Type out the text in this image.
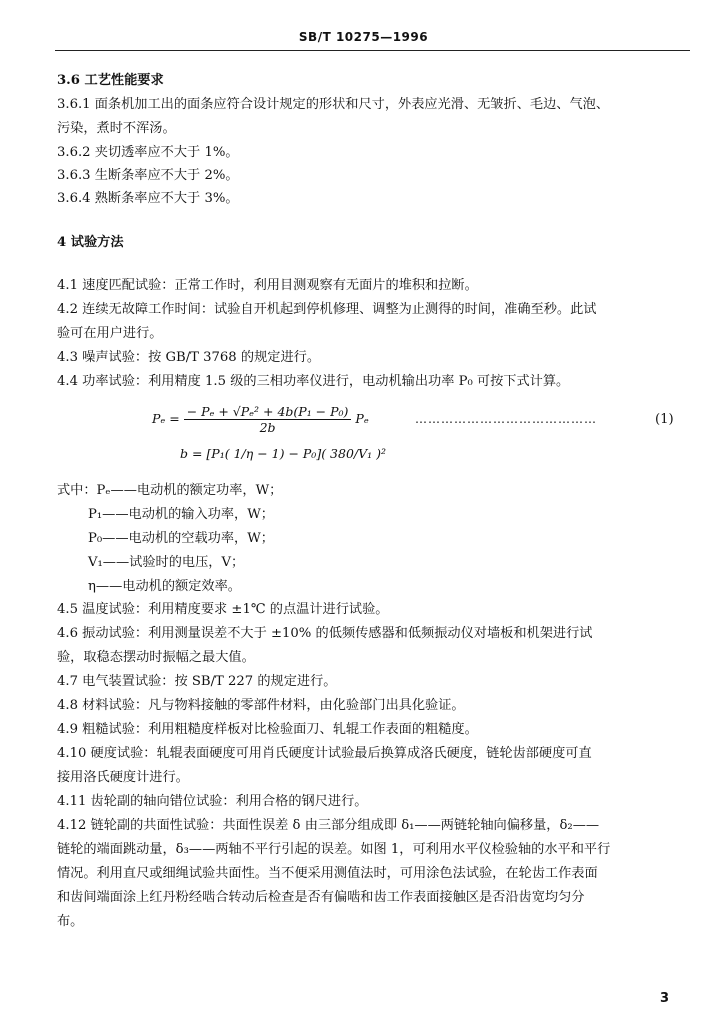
SB/T 10275—1996
3.6 工艺性能要求
3.6.1 面条机加工出的面条应符合设计规定的形状和尺寸，外表应光滑、无皱折、毛边、气泡、
污染，煮时不浑汤。
3.6.2 夹切透率应不大于 1%。
3.6.3 生断条率应不大于 2%。
3.6.4 熟断条率应不大于 3%。
4 试验方法
4.1 速度匹配试验：正常工作时，利用目测观察有无面片的堆积和拉断。
4.2 连续无故障工作时间：试验自开机起到停机修理、调整为止测得的时间，准确至秒。此试
验可在用户进行。
4.3 噪声试验：按 GB/T 3768 的规定进行。
4.4 功率试验：利用精度 1.5 级的三相功率仪进行，电动机输出功率 P₀ 可按下式计算。
$P_e = \frac{\text{− Pₑ + √Pₑ² + 4b(P₁ − P₀)}}{2b}$ Pₑ	……………………………………	(1)
b = [P₁( 1/η − 1) − P₀]( 380/V₁ )²
式中：Pₑ——电动机的额定功率，W；
P₁——电动机的输入功率，W；
P₀——电动机的空载功率，W；
V₁——试验时的电压，V；
η——电动机的额定效率。
4.5 温度试验：利用精度要求 ±1℃ 的点温计进行试验。
4.6 振动试验：利用测量误差不大于 ±10% 的低频传感器和低频振动仪对墙板和机架进行试
验，取稳态摆动时振幅之最大值。
4.7 电气装置试验：按 SB/T 227 的规定进行。
4.8 材料试验：凡与物料接触的零部件材料，由化验部门出具化验证。
4.9 粗糙试验：利用粗糙度样板对比检验面刀、轧辊工作表面的粗糙度。
4.10 硬度试验：轧辊表面硬度可用肖氏硬度计试验最后换算成洛氏硬度，链轮齿部硬度可直
接用洛氏硬度计进行。
4.11 齿轮副的轴向错位试验：利用合格的钢尺进行。
4.12 链轮副的共面性试验：共面性误差 δ 由三部分组成即 δ₁——两链轮轴向偏移量，δ₂——
链轮的端面跳动量，δ₃——两轴不平行引起的误差。如图 1，可利用水平仪检验轴的水平和平行
情况。利用直尺或细绳试验共面性。当不便采用测值法时，可用涂色法试验，在轮齿工作表面
和齿间端面涂上红丹粉经啮合转动后检查是否有偏啮和齿工作表面接触区是否沿齿宽均匀分
布。
3
